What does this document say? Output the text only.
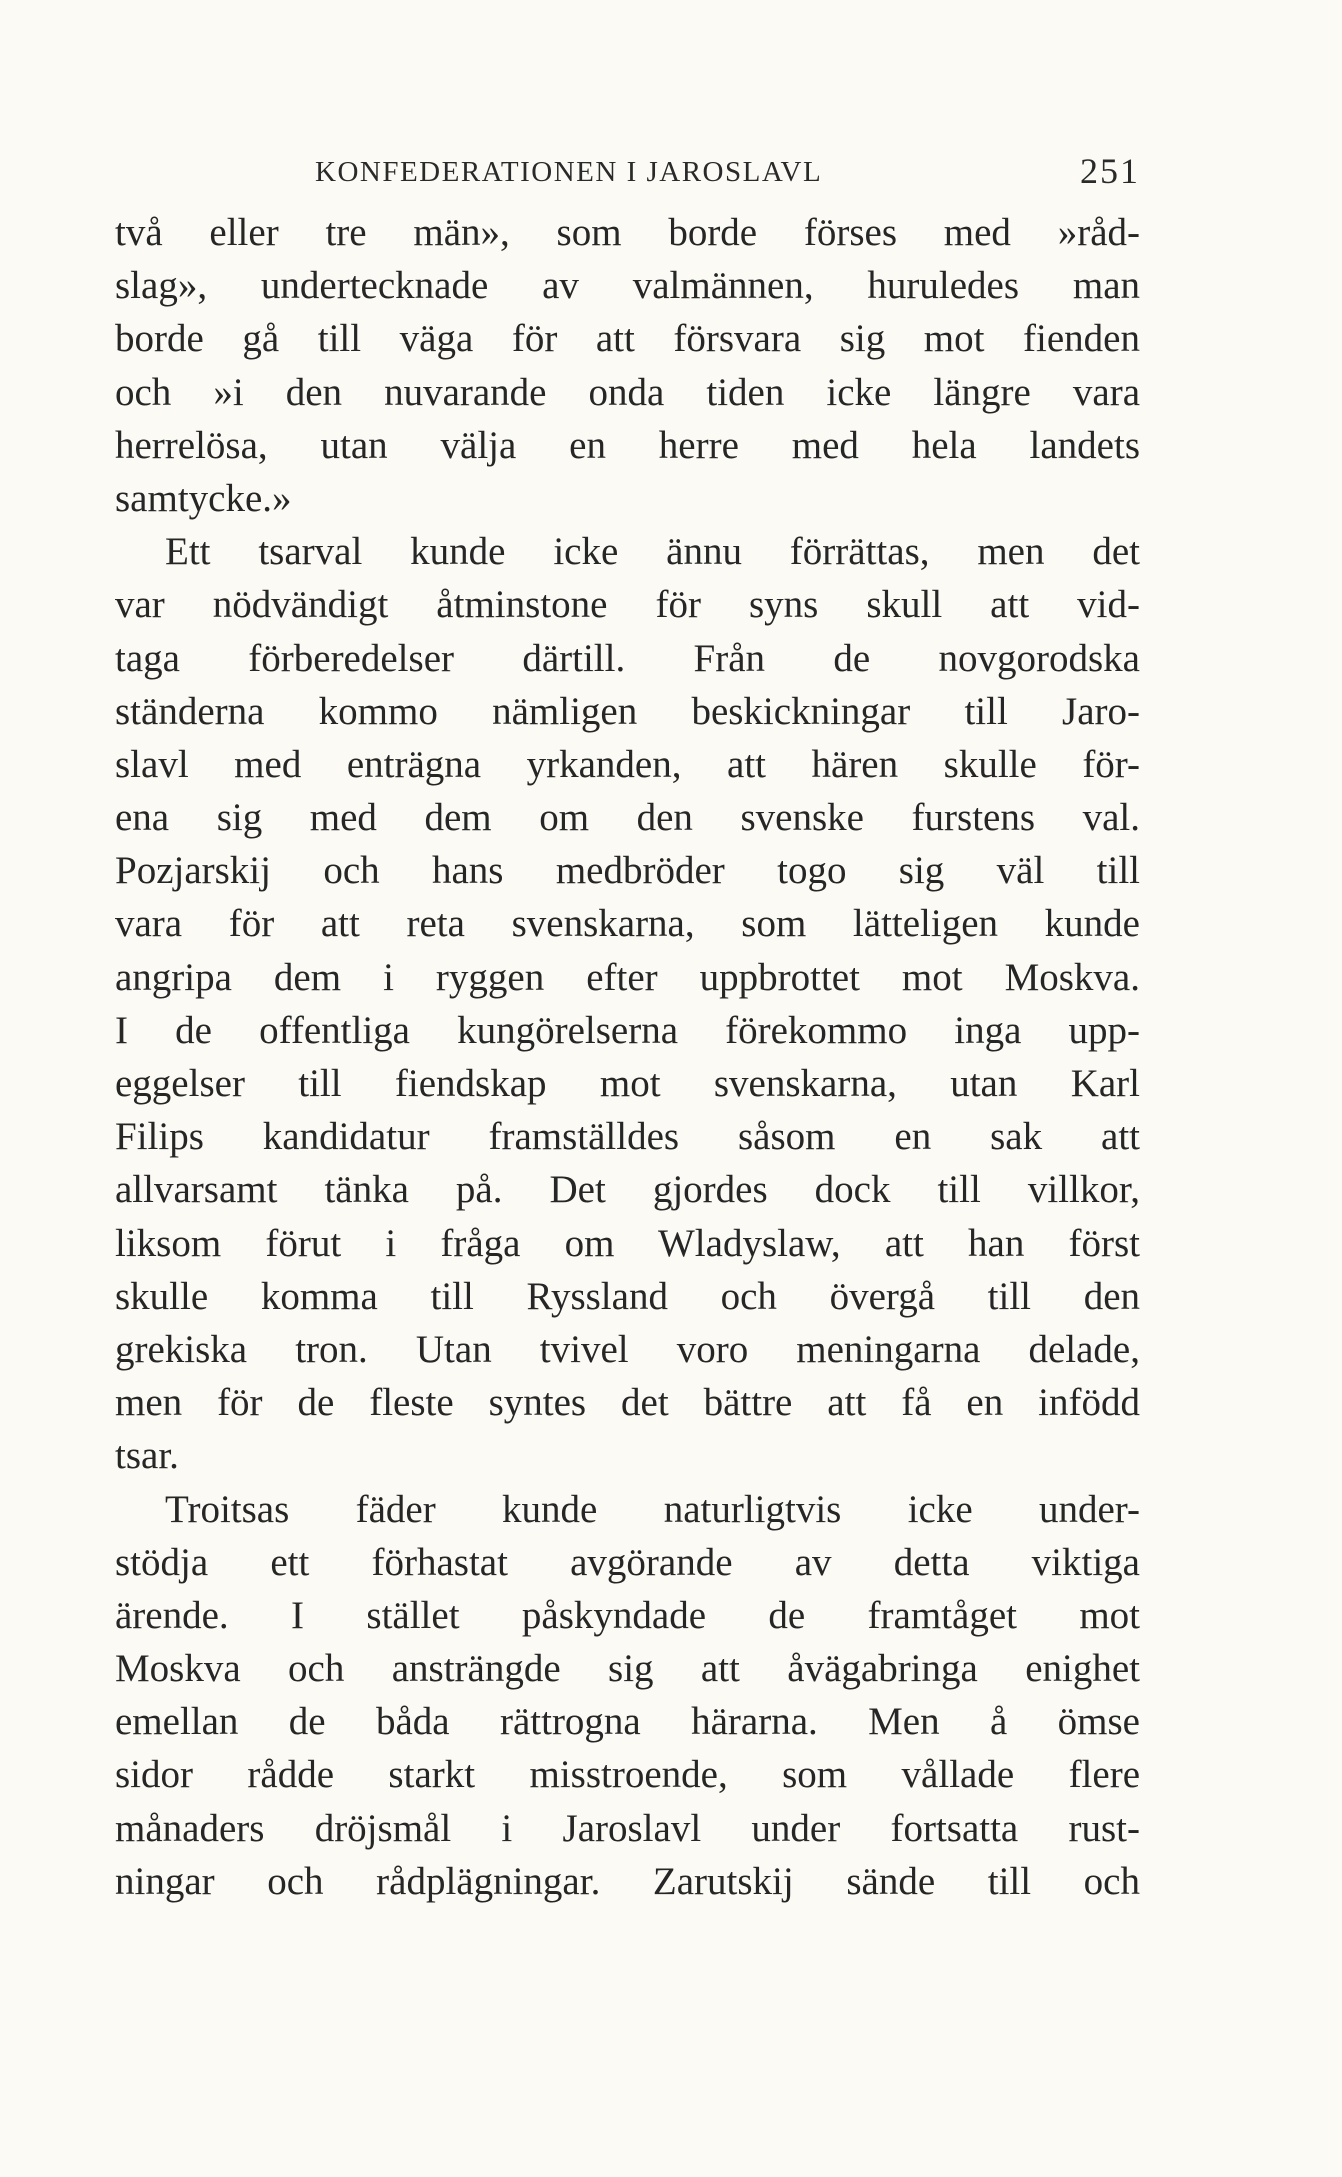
KONFEDERATIONEN I JAROSLAVL	251
två eller tre män», som borde förses med »råd-
slag», undertecknade av valmännen, huruledes man
borde gå till väga för att försvara sig mot fienden
och »i den nuvarande onda tiden icke längre vara
herrelösa, utan välja en herre med hela landets
samtycke.»
Ett tsarval kunde icke ännu förrättas, men det
var nödvändigt åtminstone för syns skull att vid-
taga förberedelser därtill. Från de novgorodska
ständerna kommo nämligen beskickningar till Jaro-
slavl med enträgna yrkanden, att hären skulle för-
ena sig med dem om den svenske furstens val.
Pozjarskij och hans medbröder togo sig väl till
vara för att reta svenskarna, som lätteligen kunde
angripa dem i ryggen efter uppbrottet mot Moskva.
I de offentliga kungörelserna förekommo inga upp-
eggelser till fiendskap mot svenskarna, utan Karl
Filips kandidatur framställdes såsom en sak att
allvarsamt tänka på. Det gjordes dock till villkor,
liksom förut i fråga om Wladyslaw, att han först
skulle komma till Ryssland och övergå till den
grekiska tron. Utan tvivel voro meningarna delade,
men för de fleste syntes det bättre att få en infödd
tsar.
Troitsas fäder kunde naturligtvis icke under-
stödja ett förhastat avgörande av detta viktiga
ärende. I stället påskyndade de framtåget mot
Moskva och ansträngde sig att åvägabringa enighet
emellan de båda rättrogna härarna. Men å ömse
sidor rådde starkt misstroende, som vållade flere
månaders dröjsmål i Jaroslavl under fortsatta rust-
ningar och rådplägningar. Zarutskij sände till och
